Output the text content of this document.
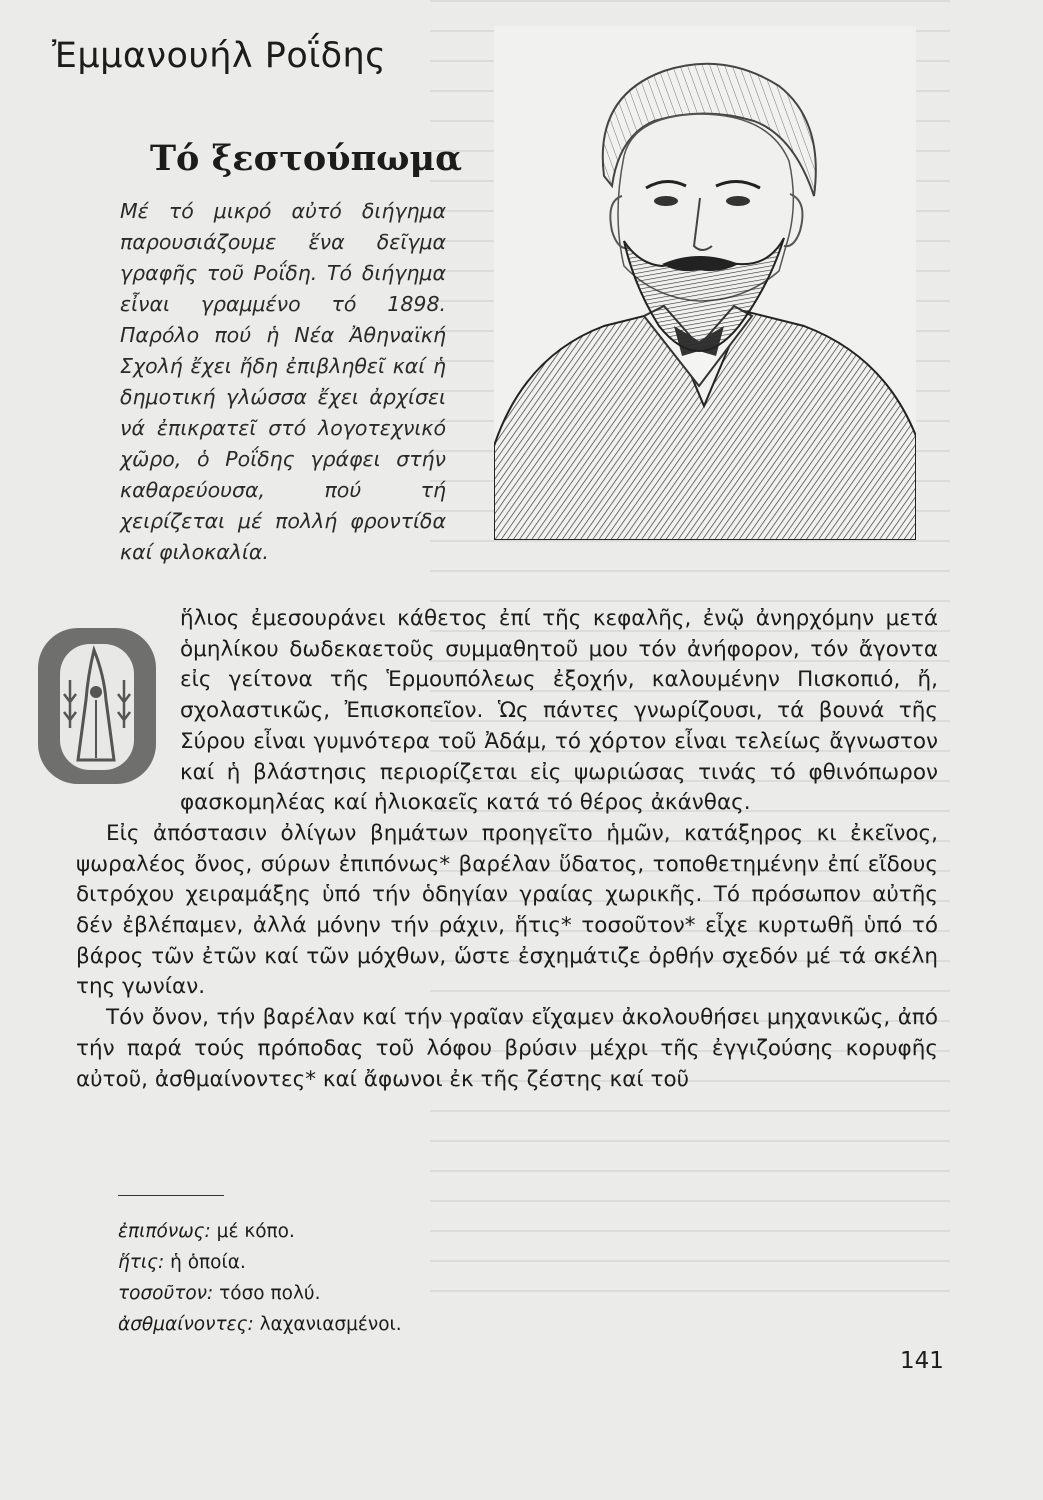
Ἐμμανουήλ Ροΐδης
Τό ξεστούπωμα

Μέ τό μικρό αὐτό διήγημα παρουσιάζουμε ἕνα δεῖγμα γραφῆς τοῦ Ροΐδη. Τό διήγημα εἶναι γραμμένο τό 1898. Παρόλο πού ἡ Νέα Ἀθηναϊκή Σχολή ἔχει ἤδη ἐπιβληθεῖ καί ἡ δημοτική γλώσσα ἔχει ἀρχίσει νά ἐπικρατεῖ στό λογοτεχνικό χῶρο, ὁ Ροΐδης γράφει στήν καθαρεύουσα, πού τή χειρίζεται μέ πολλή φροντίδα καί φιλοκαλία.

ἥλιος ἐμεσουράνει κάθετος ἐπί τῆς κεφαλῆς, ἐνῷ ἀνηρχόμην μετά ὁμηλίκου δωδεκαετοῦς συμμαθητοῦ μου τόν ἀνήφορον, τόν ἄγοντα εἰς γείτονα τῆς Ἑρμουπόλεως ἐξοχήν, καλουμένην Πισκοπιό, ἤ, σχολαστικῶς, Ἐπισκοπεῖον. Ὡς πάντες γνωρίζουσι, τά βουνά τῆς Σύρου εἶναι γυμνότερα τοῦ Ἀδάμ, τό χόρτον εἶναι τελείως ἄγνωστον καί ἡ βλάστησις περιορίζεται εἰς ψωριώσας τινάς τό φθινόπωρον φασκομηλέας καί ἡλιοκαεῖς κατά τό θέρος ἀκάνθας.

Εἰς ἀπόστασιν ὀλίγων βημάτων προηγεῖτο ἡμῶν, κατάξηρος κι ἐκεῖνος, ψωραλέος ὄνος, σύρων ἐπιπόνως* βαρέλαν ὕδατος, τοποθετημένην ἐπί εἴδους διτρόχου χειραμάξης ὑπό τήν ὁδηγίαν γραίας χωρικῆς. Τό πρόσωπον αὐτῆς δέν ἐβλέπαμεν, ἀλλά μόνην τήν ράχιν, ἥτις* τοσοῦτον* εἶχε κυρτωθῆ ὑπό τό βάρος τῶν ἐτῶν καί τῶν μόχθων, ὥστε ἐσχημάτιζε ὀρθήν σχεδόν μέ τά σκέλη της γωνίαν.

Τόν ὄνον, τήν βαρέλαν καί τήν γραῖαν εἴχαμεν ἀκολουθήσει μηχανικῶς, ἀπό τήν παρά τούς πρόποδας τοῦ λόφου βρύσιν μέχρι τῆς ἐγγιζούσης κορυφῆς αὐτοῦ, ἀσθμαίνοντες* καί ἄφωνοι ἐκ τῆς ζέστης καί τοῦ

ἐπιπόνως: μέ κόπο.
ἥτις: ἡ ὁποία.
τοσοῦτον: τόσο πολύ.
ἀσθμαίνοντες: λαχανιασμένοι.
141
